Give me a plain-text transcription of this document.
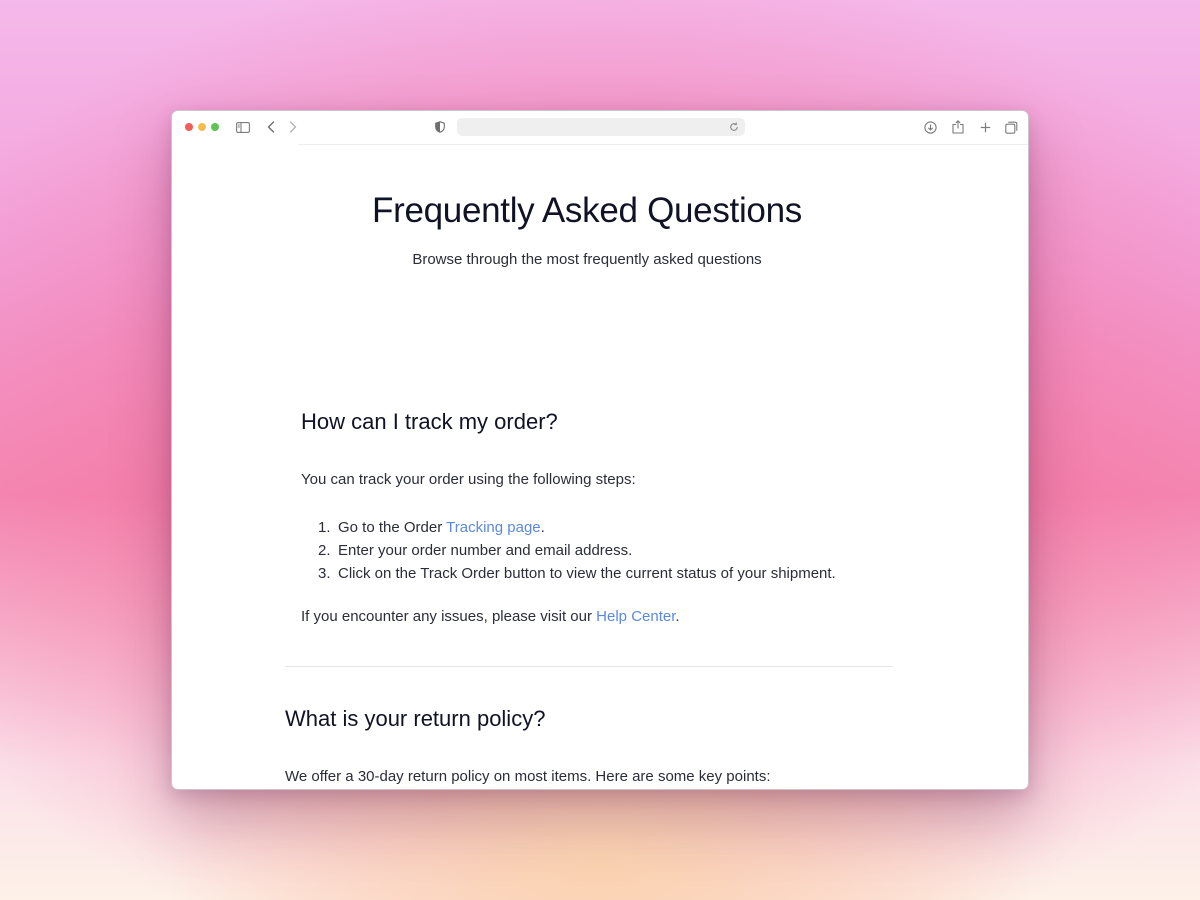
Frequently Asked Questions

Browse through the most frequently asked questions

How can I track my order?

You can track your order using the following steps:

1. Go to the Order Tracking page.
2. Enter your order number and email address.
3. Click on the Track Order button to view the current status of your shipment.

If you encounter any issues, please visit our Help Center.

What is your return policy?

We offer a 30-day return policy on most items. Here are some key points:
